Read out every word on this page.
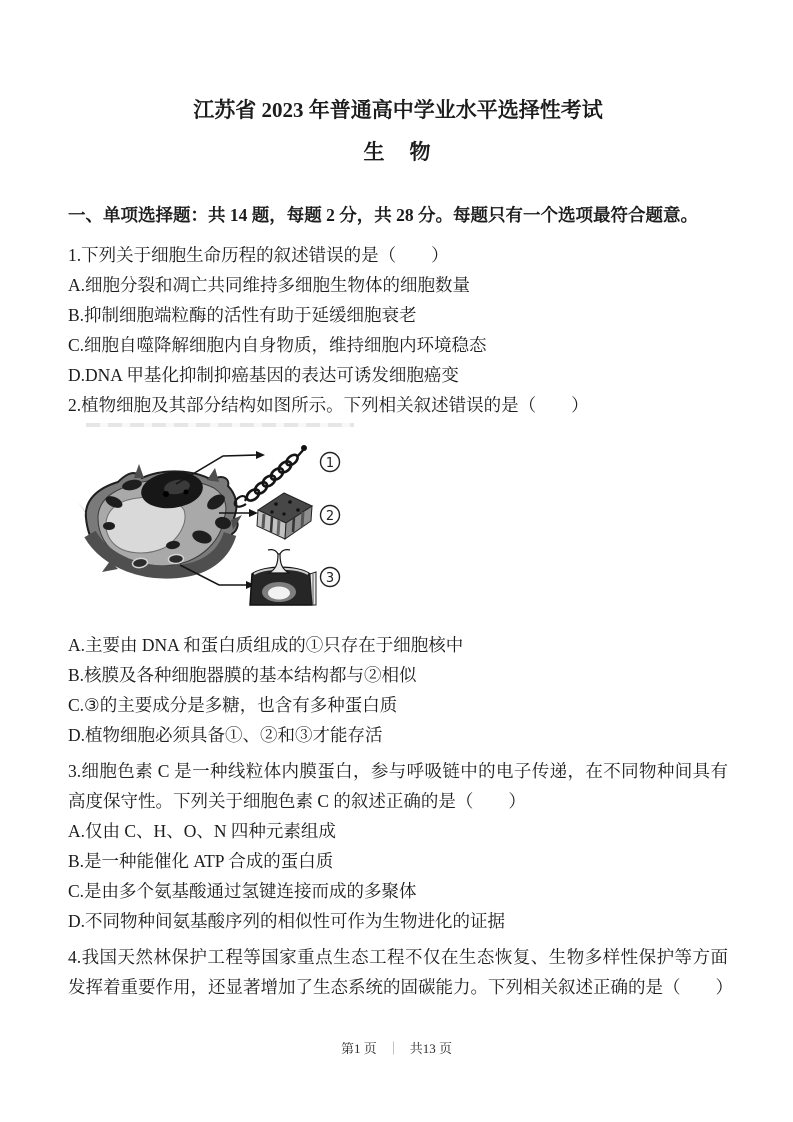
江苏省 2023 年普通高中学业水平选择性考试
生　物

一、单项选择题：共 14 题，每题 2 分，共 28 分。每题只有一个选项最符合题意。

1.下列关于细胞生命历程的叙述错误的是（　　）

A.细胞分裂和凋亡共同维持多细胞生物体的细胞数量

B.抑制细胞端粒酶的活性有助于延缓细胞衰老

C.细胞自噬降解细胞内自身物质，维持细胞内环境稳态

D.DNA 甲基化抑制抑癌基因的表达可诱发细胞癌变

2.植物细胞及其部分结构如图所示。下列相关叙述错误的是（　　）

1
2
3

A.主要由 DNA 和蛋白质组成的①只存在于细胞核中

B.核膜及各种细胞器膜的基本结构都与②相似

C.③的主要成分是多糖，也含有多种蛋白质

D.植物细胞必须具备①、②和③才能存活

3.细胞色素 C 是一种线粒体内膜蛋白，参与呼吸链中的电子传递，在不同物种间具有高度保守性。下列关于细胞色素 C 的叙述正确的是（　　）

A.仅由 C、H、O、N 四种元素组成

B.是一种能催化 ATP 合成的蛋白质

C.是由多个氨基酸通过氢键连接而成的多聚体

D.不同物种间氨基酸序列的相似性可作为生物进化的证据

4.我国天然林保护工程等国家重点生态工程不仅在生态恢复、生物多样性保护等方面发挥着重要作用，还显著增加了生态系统的固碳能力。下列相关叙述正确的是（　　）

第1 页 ｜ 共13 页
